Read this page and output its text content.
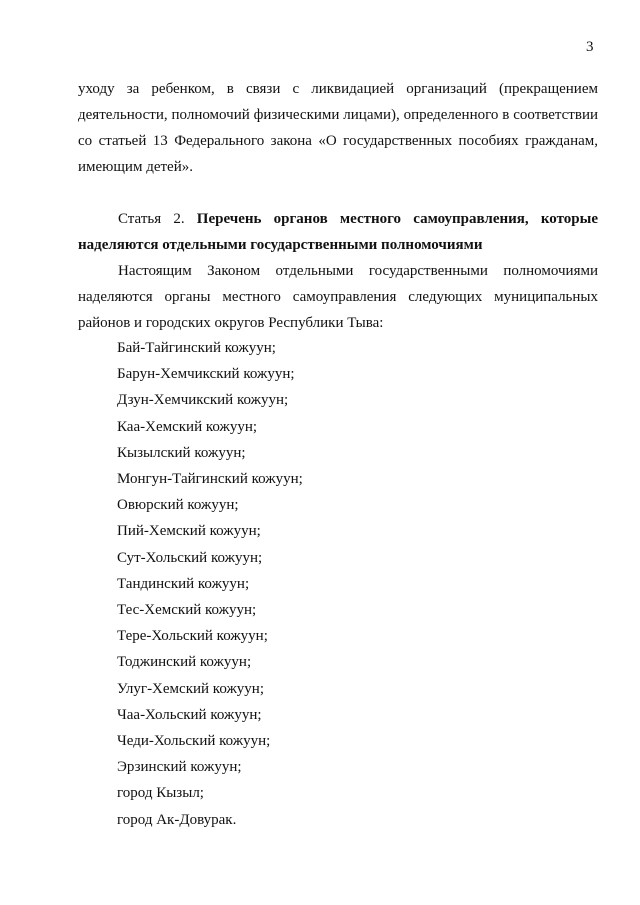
3

уходу за ребенком, в связи с ликвидацией организаций (прекращением деятельности, полномочий физическими лицами), определенного в соответствии со статьей 13 Федерального закона «О государственных пособиях гражданам, имеющим детей».

Статья 2. Перечень органов местного самоуправления, которые наделяются отдельными государственными полномочиями

Настоящим Законом отдельными государственными полномочиями наделяются органы местного самоуправления следующих муниципальных районов и городских округов Республики Тыва:

Бай-Тайгинский кожуун;
Барун-Хемчикский кожуун;
Дзун-Хемчикский кожуун;
Каа-Хемский кожуун;
Кызылский кожуун;
Монгун-Тайгинский кожуун;
Овюрский кожуун;
Пий-Хемский кожуун;
Сут-Хольский кожуун;
Тандинский кожуун;
Тес-Хемский кожуун;
Тере-Хольский кожуун;
Тоджинский кожуун;
Улуг-Хемский кожуун;
Чаа-Хольский кожуун;
Чеди-Хольский кожуун;
Эрзинский кожуун;
город Кызыл;
город Ак-Довурак.
